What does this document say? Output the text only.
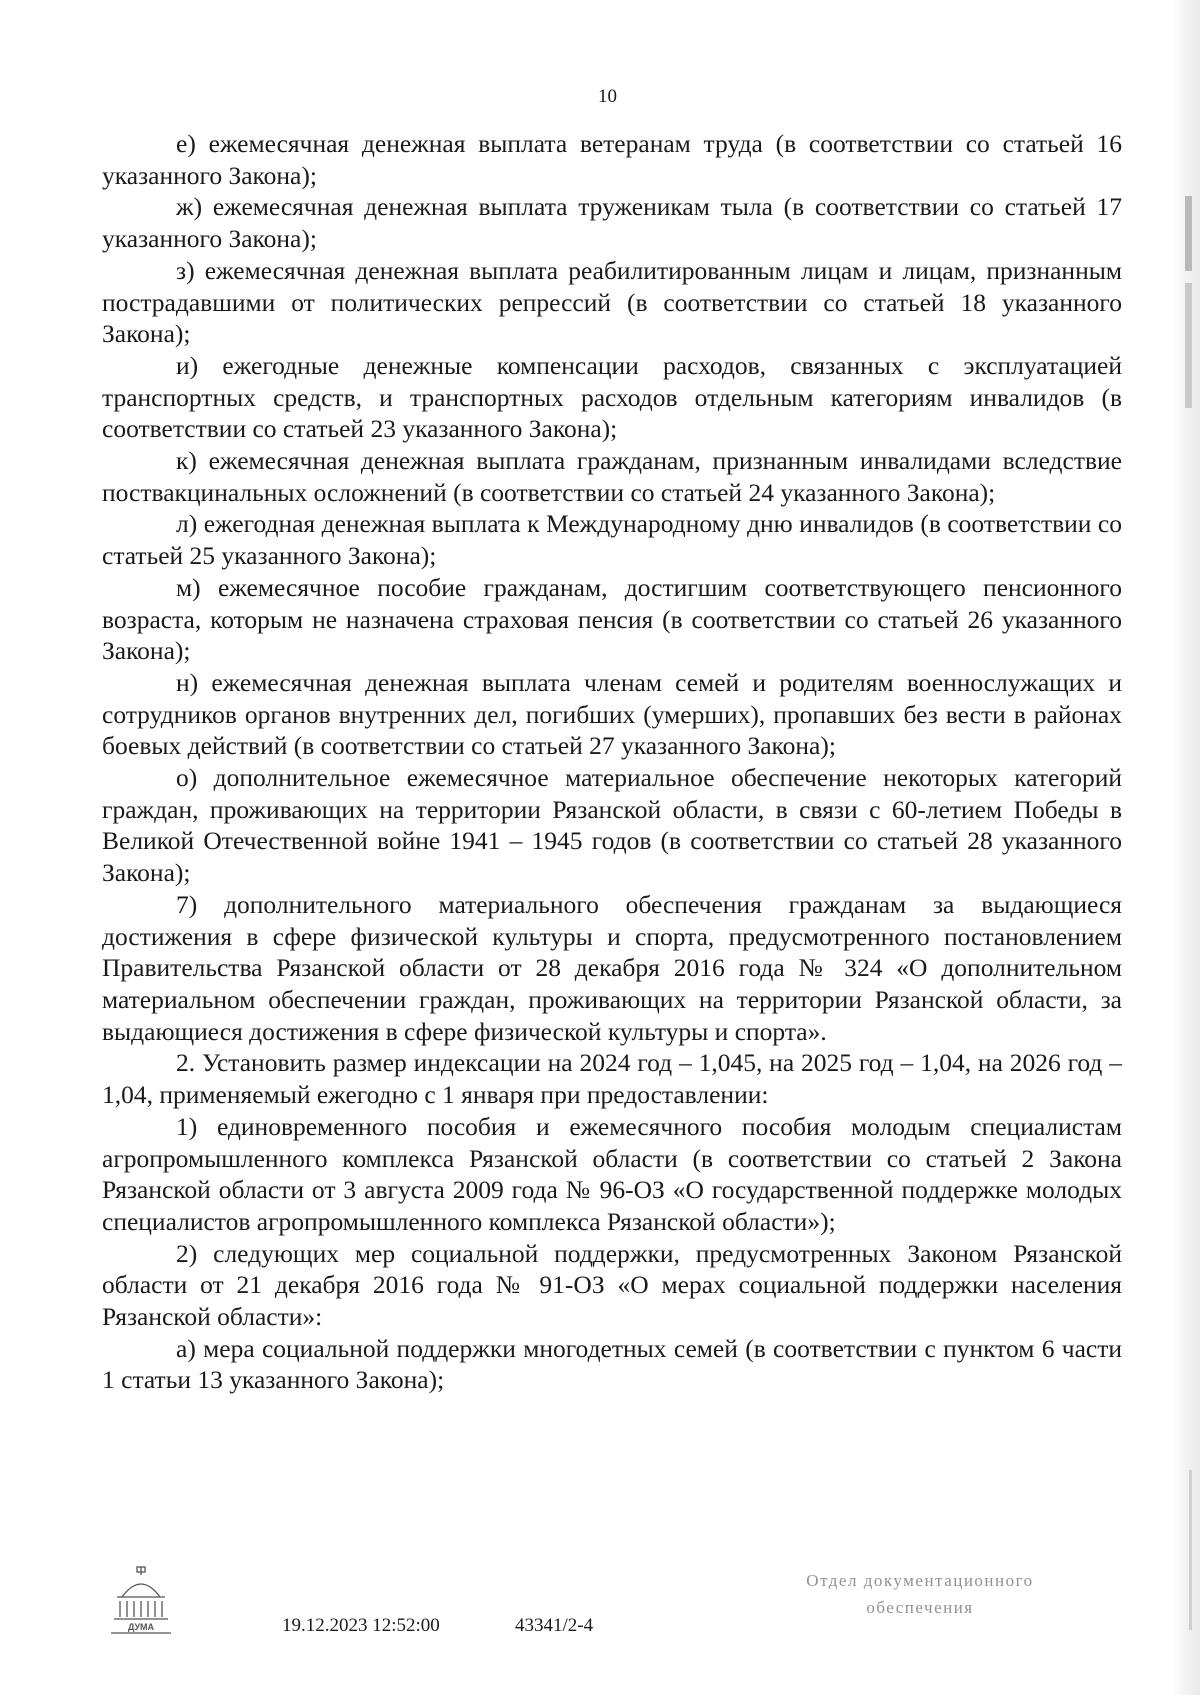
10

е) ежемесячная денежная выплата ветеранам труда (в соответствии со статьей 16 указанного Закона);

ж) ежемесячная денежная выплата труженикам тыла (в соответствии со статьей 17 указанного Закона);

з) ежемесячная денежная выплата реабилитированным лицам и лицам, признанным пострадавшими от политических репрессий (в соответствии со статьей 18 указанного Закона);

и) ежегодные денежные компенсации расходов, связанных с эксплуатацией транспортных средств, и транспортных расходов отдельным категориям инвалидов (в соответствии со статьей 23 указанного Закона);

к) ежемесячная денежная выплата гражданам, признанным инвалидами вследствие поствакцинальных осложнений (в соответствии со статьей 24 указанного Закона);

л) ежегодная денежная выплата к Международному дню инвалидов (в соответствии со статьей 25 указанного Закона);

м) ежемесячное пособие гражданам, достигшим соответствующего пенсионного возраста, которым не назначена страховая пенсия (в соответствии со статьей 26 указанного Закона);

н) ежемесячная денежная выплата членам семей и родителям военнослужащих и сотрудников органов внутренних дел, погибших (умерших), пропавших без вести в районах боевых действий (в соответствии со статьей 27 указанного Закона);

о) дополнительное ежемесячное материальное обеспечение некоторых категорий граждан, проживающих на территории Рязанской области, в связи с 60-летием Победы в Великой Отечественной войне 1941 – 1945 годов (в соответствии со статьей 28 указанного Закона);

7) дополнительного материального обеспечения гражданам за выдающиеся достижения в сфере физической культуры и спорта, предусмотренного постановлением Правительства Рязанской области от 28 декабря 2016 года № 324 «О дополнительном материальном обеспечении граждан, проживающих на территории Рязанской области, за выдающиеся достижения в сфере физической культуры и спорта».

2. Установить размер индексации на 2024 год – 1,045, на 2025 год – 1,04, на 2026 год – 1,04, применяемый ежегодно с 1 января при предоставлении:

1) единовременного пособия и ежемесячного пособия молодым специалистам агропромышленного комплекса Рязанской области (в соответствии со статьей 2 Закона Рязанской области от 3 августа 2009 года № 96-ОЗ «О государственной поддержке молодых специалистов агропромышленного комплекса Рязанской области»);

2) следующих мер социальной поддержки, предусмотренных Законом Рязанской области от 21 декабря 2016 года № 91-ОЗ «О мерах социальной поддержки населения Рязанской области»:

а) мера социальной поддержки многодетных семей (в соответствии с пунктом 6 части 1 статьи 13 указанного Закона);

ДУМА	19.12.2023 12:52:00	43341/2-4
Отдел документационного
обеспечения
